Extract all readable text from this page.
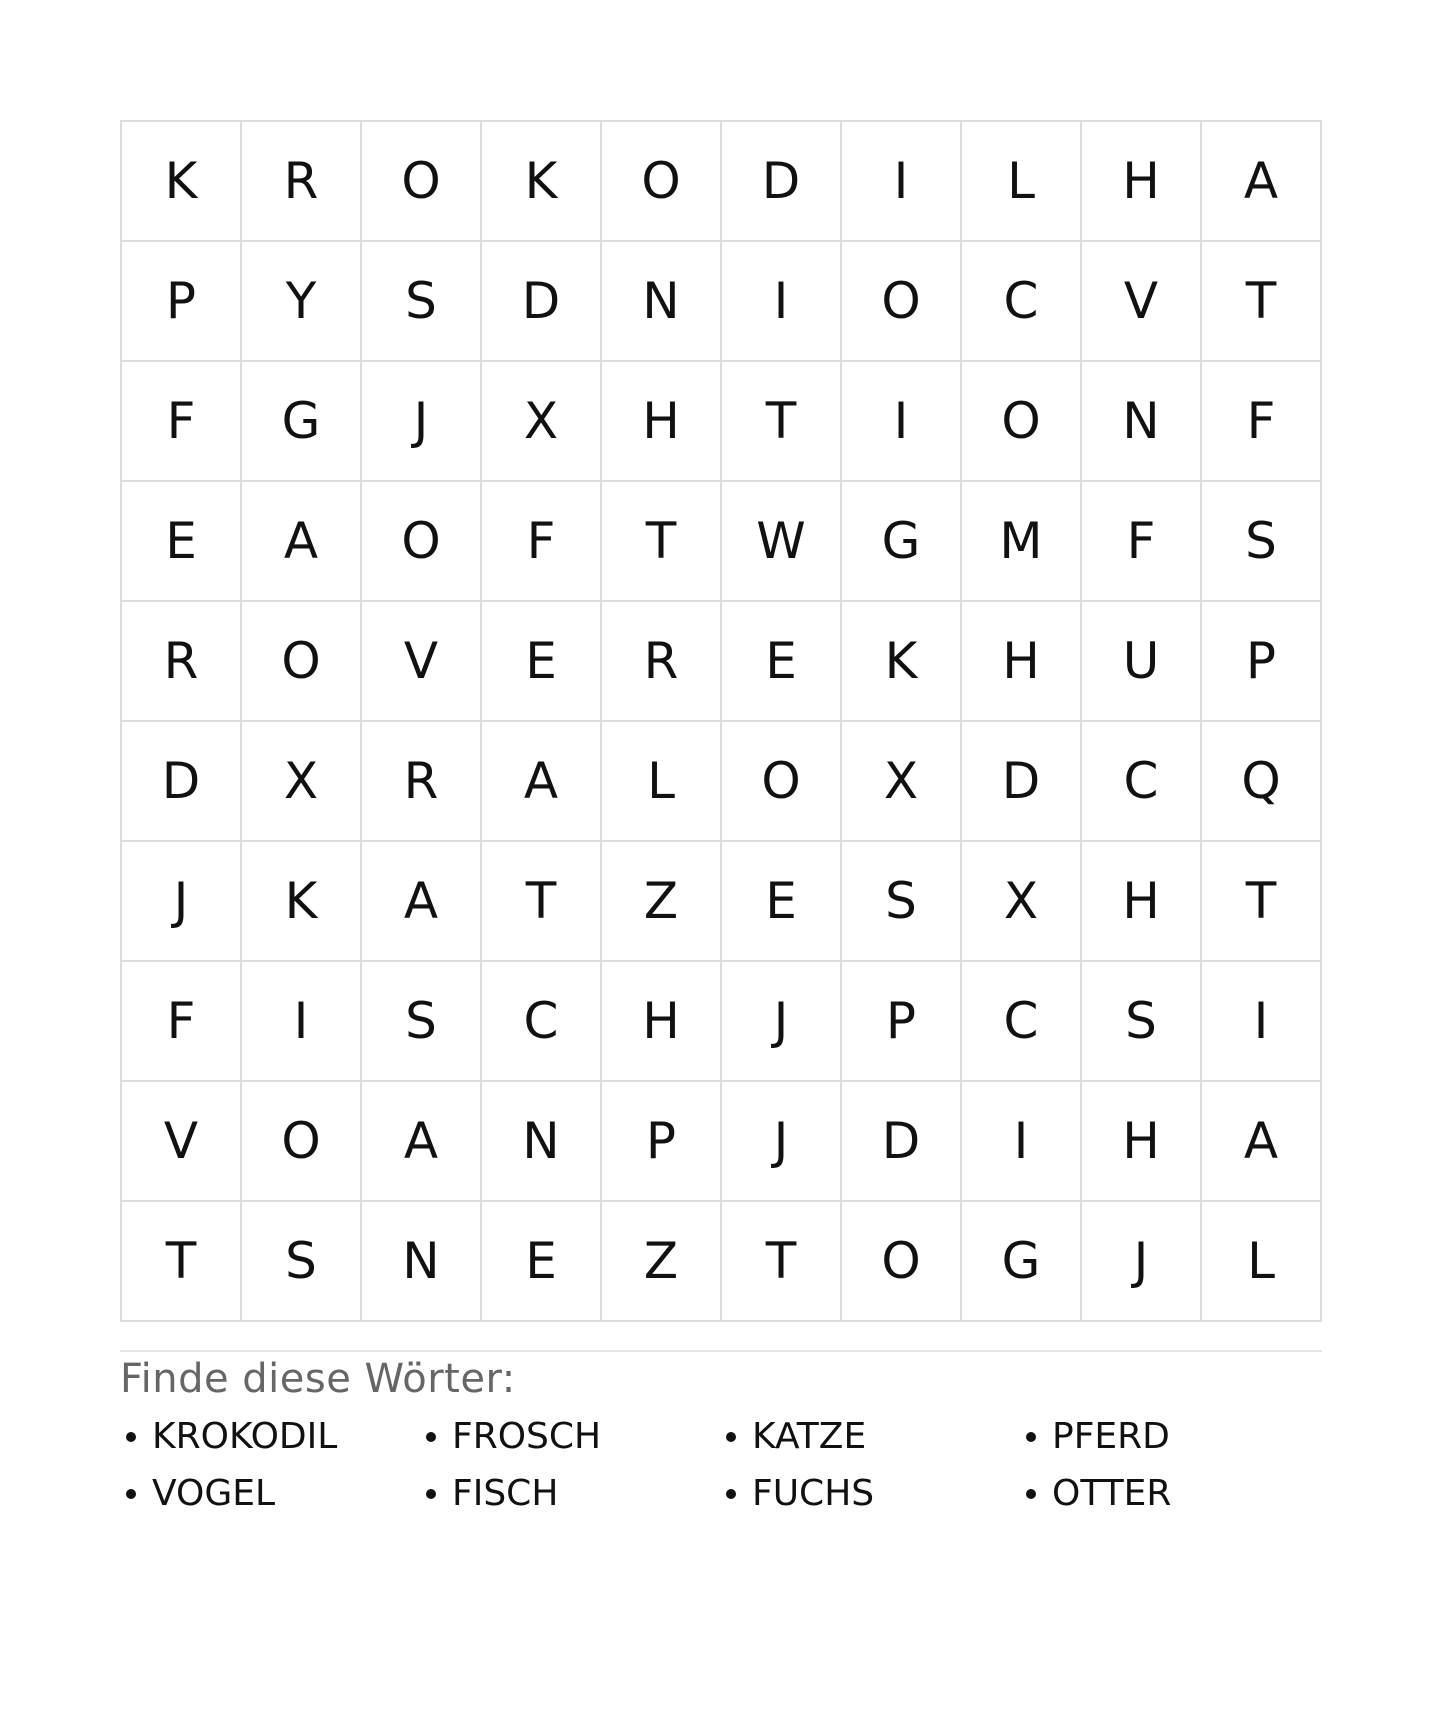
K	R	O	K	O	D	I	L	H	A
P	Y	S	D	N	I	O	C	V	T
F	G	J	X	H	T	I	O	N	F
E	A	O	F	T	W	G	M	F	S
R	O	V	E	R	E	K	H	U	P
D	X	R	A	L	O	X	D	C	Q
J	K	A	T	Z	E	S	X	H	T
F	I	S	C	H	J	P	C	S	I
V	O	A	N	P	J	D	I	H	A
T	S	N	E	Z	T	O	G	J	L
Finde diese Wörter:
KROKODIL	FROSCH	KATZE	PFERD
VOGEL	FISCH	FUCHS	OTTER
